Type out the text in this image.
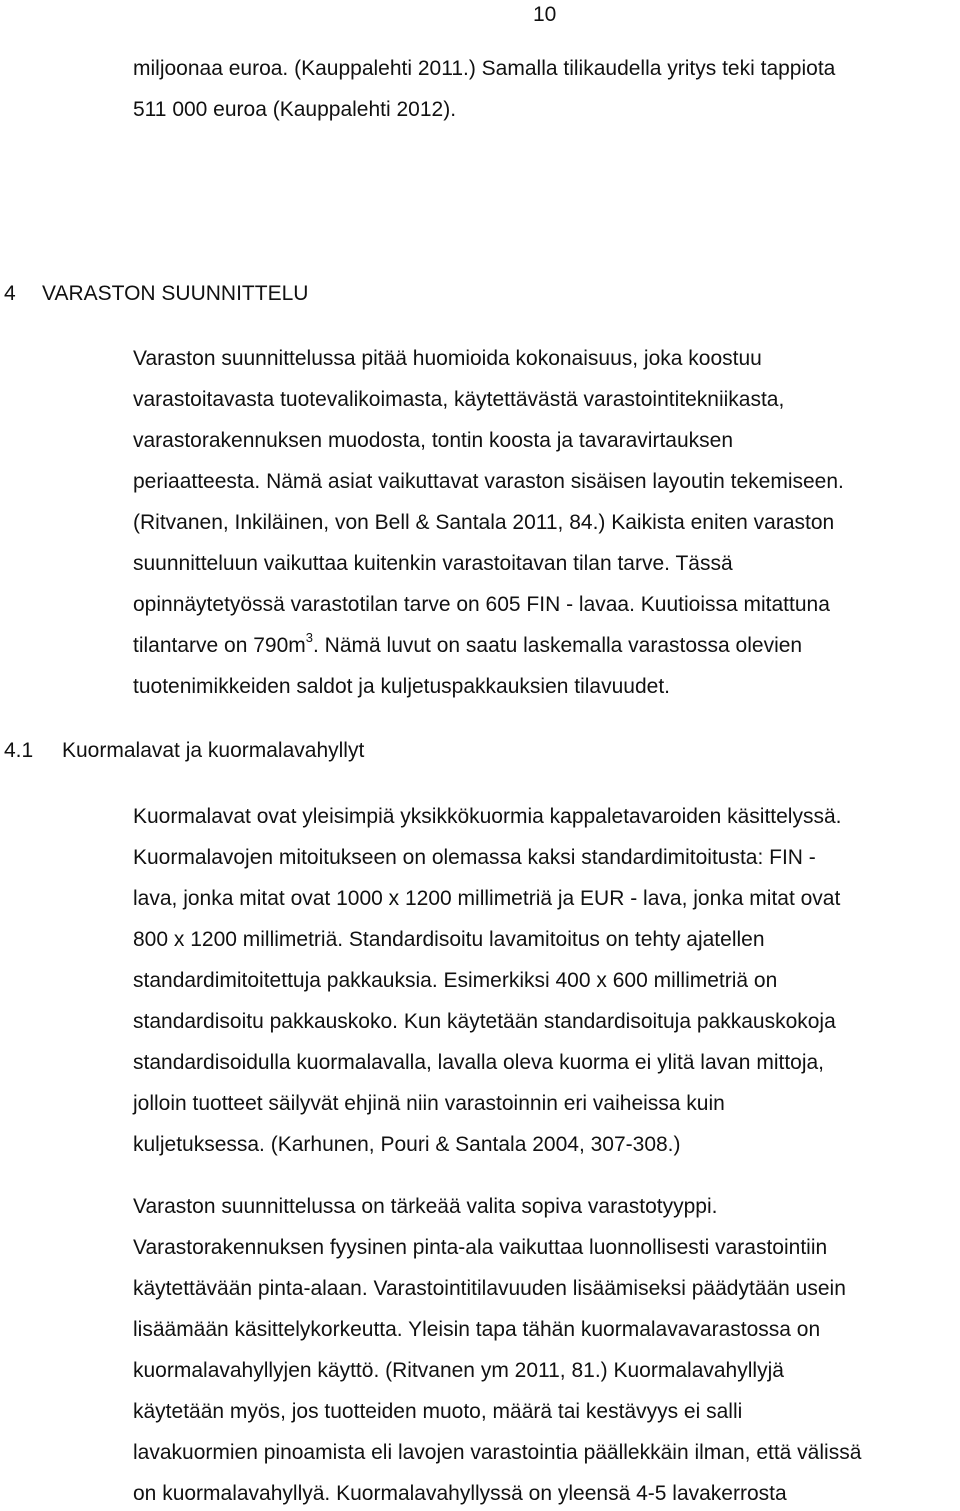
10
miljoonaa euroa. (Kauppalehti 2011.) Samalla tilikaudella yritys teki tappiota
511 000 euroa (Kauppalehti 2012).
4 VARASTON SUUNNITTELU
Varaston suunnittelussa pitää huomioida kokonaisuus, joka koostuu
varastoitavasta tuotevalikoimasta, käytettävästä varastointitekniikasta,
varastorakennuksen muodosta, tontin koosta ja tavaravirtauksen
periaatteesta. Nämä asiat vaikuttavat varaston sisäisen layoutin tekemiseen.
(Ritvanen, Inkiläinen, von Bell & Santala 2011, 84.) Kaikista eniten varaston
suunnitteluun vaikuttaa kuitenkin varastoitavan tilan tarve. Tässä
opinnäytetyössä varastotilan tarve on 605 FIN - lavaa. Kuutioissa mitattuna
tilantarve on $790m^3$. Nämä luvut on saatu laskemalla varastossa olevien
tuotenimikkeiden saldot ja kuljetuspakkauksien tilavuudet.
4.1 Kuormalavat ja kuormalavahyllyt
Kuormalavat ovat yleisimpiä yksikkökuormia kappaletavaroiden käsittelyssä.
Kuormalavojen mitoitukseen on olemassa kaksi standardimitoitusta: FIN -
lava, jonka mitat ovat 1000 x 1200 millimetriä ja EUR - lava, jonka mitat ovat
800 x 1200 millimetriä. Standardisoitu lavamitoitus on tehty ajatellen
standardimitoitettuja pakkauksia. Esimerkiksi 400 x 600 millimetriä on
standardisoitu pakkauskoko. Kun käytetään standardisoituja pakkauskokoja
standardisoidulla kuormalavalla, lavalla oleva kuorma ei ylitä lavan mittoja,
jolloin tuotteet säilyvät ehjinä niin varastoinnin eri vaiheissa kuin
kuljetuksessa. (Karhunen, Pouri & Santala 2004, 307-308.)
Varaston suunnittelussa on tärkeää valita sopiva varastotyyppi.
Varastorakennuksen fyysinen pinta-ala vaikuttaa luonnollisesti varastointiin
käytettävään pinta-alaan. Varastointitilavuuden lisäämiseksi päädytään usein
lisäämään käsittelykorkeutta. Yleisin tapa tähän kuormalavavarastossa on
kuormalavahyllyjen käyttö. (Ritvanen ym 2011, 81.) Kuormalavahyllyjä
käytetään myös, jos tuotteiden muoto, määrä tai kestävyys ei salli
lavakuormien pinoamista eli lavojen varastointia päällekkäin ilman, että välissä
on kuormalavahyllyä. Kuormalavahyllyssä on yleensä 4-5 lavakerrosta
